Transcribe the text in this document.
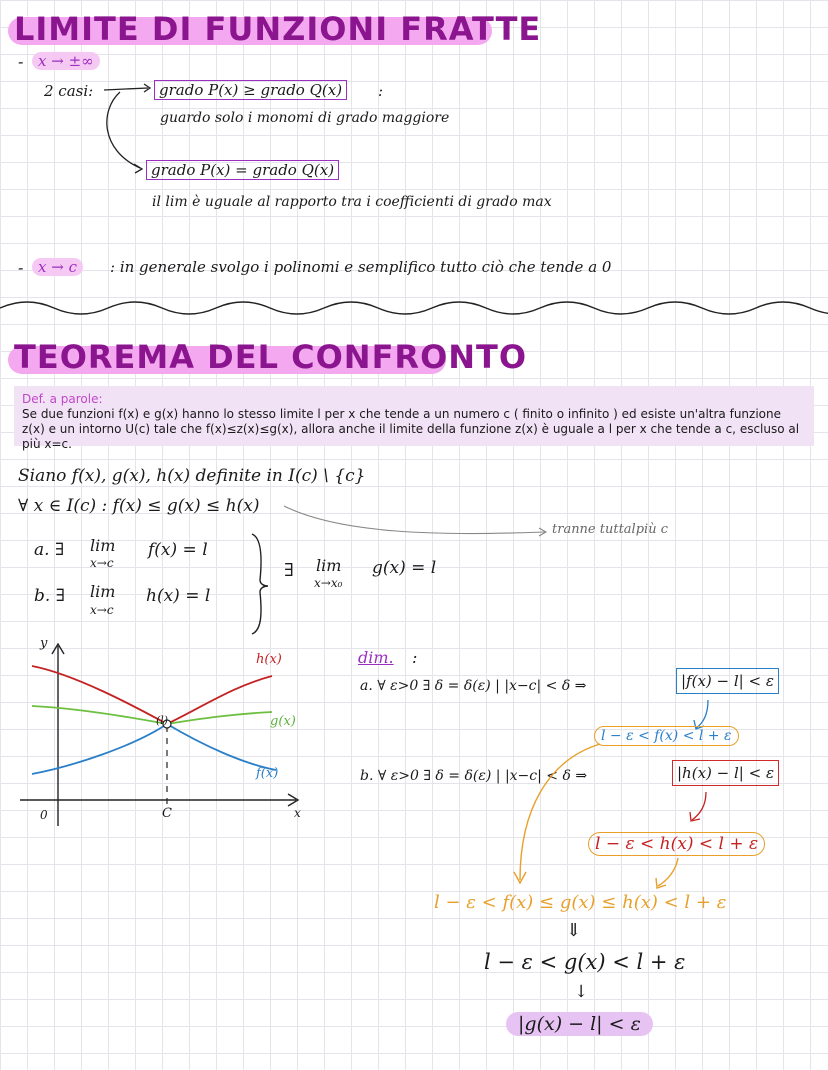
LIMITE DI FUNZIONI FRATTE
- x → ±∞
2 casi:	grado P(x) ≥ grado Q(x)	:
guardo solo i monomi di grado maggiore
grado P(x) = grado Q(x)
il lim è uguale al rapporto tra i coefficienti di grado max
- x → c	: in generale svolgo i polinomi e semplifico tutto ciò che tende a 0
TEOREMA DEL CONFRONTO
Def. a parole:
Se due funzioni f(x) e g(x) hanno lo stesso limite l per x che tende a un numero c ( finito o infinito ) ed esiste un'altra funzione z(x) e un intorno U(c) tale che f(x)≤z(x)≤g(x), allora anche il limite della funzione z(x) è uguale a l per x che tende a c, escluso al più x=c.
Siano f(x), g(x), h(x) definite in I(c) \ {c}
∀ x ∈ I(c) : f(x) ≤ g(x) ≤ h(x)
tranne tuttalpiù c
a. ∃ lim
x→c
f(x) = l
b. ∃ lim
x→c
h(x) = l
∃ lim
x→x₀
g(x) = l
y
x
0	C
(l)
h(x)
g(x)
f(x)
dim. :
a. ∀ ε>0 ∃ δ = δ(ε) | |x−c| < δ ⇒	|f(x) − l| < ε
l − ε < f(x) < l + ε
b. ∀ ε>0 ∃ δ = δ(ε) | |x−c| < δ ⇒	|h(x) − l| < ε
l − ε < h(x) < l + ε
l − ε < f(x) ≤ g(x) ≤ h(x) < l + ε
⇓
l − ε < g(x) < l + ε
↓
|g(x) − l| < ε
